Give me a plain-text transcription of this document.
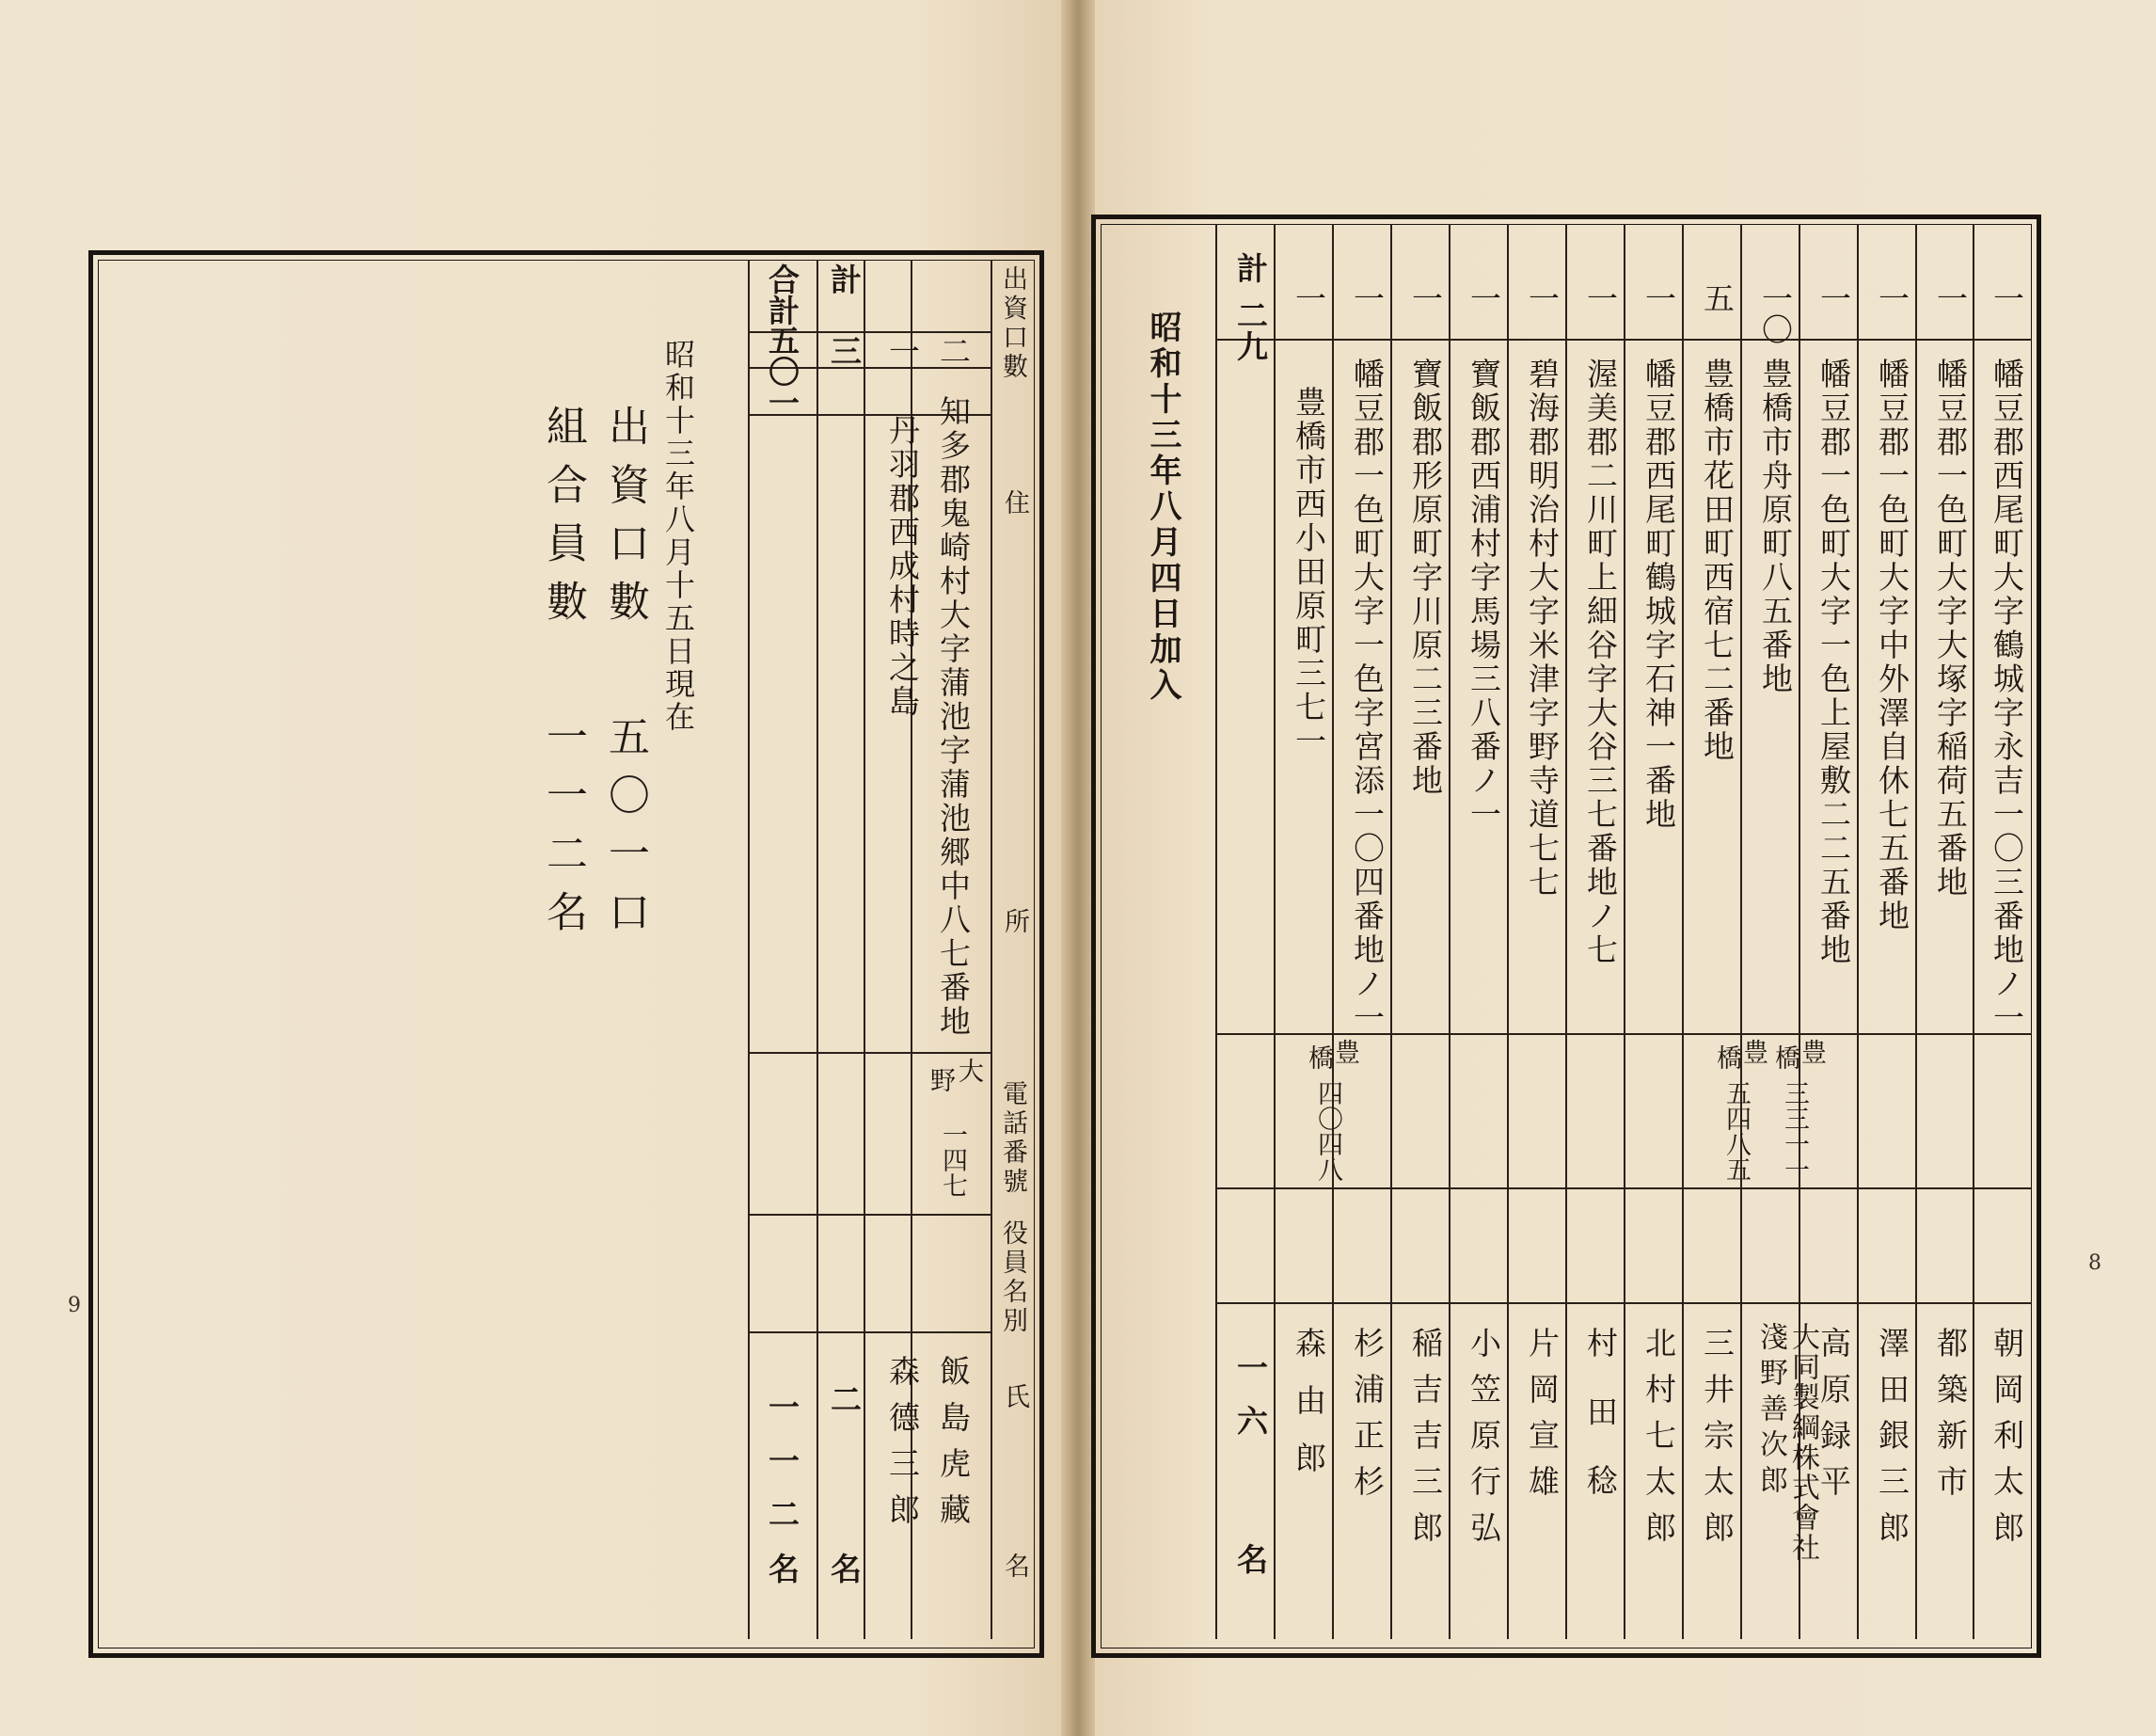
9
出資口數
住
所
電話番號
役員名別
氏
名
二
知多郡鬼崎村大字蒲池字蒲池郷中八七番地
大
野
一四七
飯島虎藏
一
丹羽郡西成村時之島
森德三郎
計
三
二
名
合計
五〇一
一一二
名
昭和十三年八月十五日現在
出資口數
五〇一口
組合員數
一一二名
8
一
幡豆郡西尾町大字鶴城字永吉一〇三番地ノ一
朝岡利太郎
一
幡豆郡一色町大字大塚字稲荷五番地
都築新市
一
幡豆郡一色町大字中外澤自休七五番地
澤田銀三郎
一
幡豆郡一色町大字一色上屋敷二二五番地
高原録平
一〇
豊橋市舟原町八五番地
豊
橋
三三一一
大同製綱株式會社
淺野善次郎
五
豊橋市花田町西宿七二番地
豊
橋
五四八五
三井宗太郎
一
幡豆郡西尾町鶴城字石神一番地
北村七太郎
一
渥美郡二川町上細谷字大谷三七番地ノ七
村田稔
一
碧海郡明治村大字米津字野寺道七七
片岡宣雄
一
寶飯郡西浦村字馬場三八番ノ一
小笠原行弘
一
寶飯郡形原町字川原二三番地
稲吉吉三郎
一
幡豆郡一色町大字一色字宮添一〇四番地ノ一
杉浦正杉
一
豊橋市西小田原町三七一
豊
橋
四〇四八
森由郎
計
二九
一六
名
昭和十三年八月四日加入
